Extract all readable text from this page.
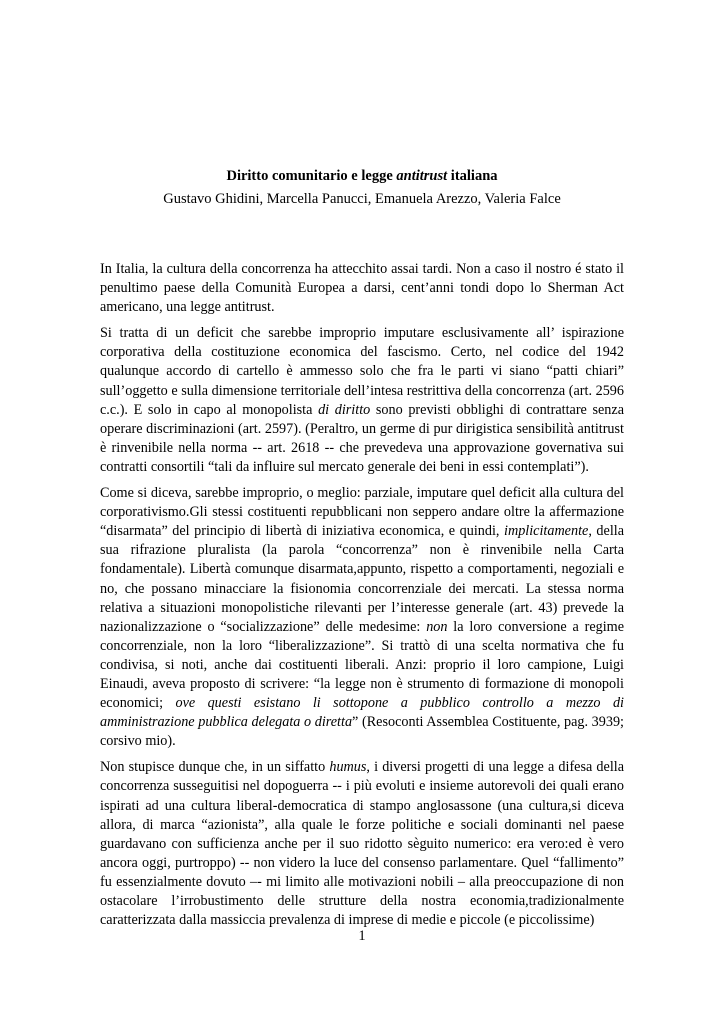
Diritto comunitario e legge antitrust italiana

Gustavo Ghidini, Marcella Panucci, Emanuela Arezzo, Valeria Falce

In Italia, la cultura della concorrenza ha attecchito assai tardi. Non a caso il nostro é stato il penultimo paese della Comunità Europea a darsi, cent’anni tondi dopo lo Sherman Act americano, una legge antitrust.

Si tratta di un deficit che sarebbe improprio imputare esclusivamente all’ ispirazione corporativa della costituzione economica del fascismo. Certo, nel codice del 1942 qualunque accordo di cartello è ammesso solo che fra le parti vi siano “patti chiari” sull’oggetto e sulla dimensione territoriale dell’intesa restrittiva della concorrenza (art. 2596 c.c.). E solo in capo al monopolista di diritto sono previsti obblighi di contrattare senza operare discriminazioni (art. 2597). (Peraltro, un germe di pur dirigistica sensibilità antitrust è rinvenibile nella norma -- art. 2618 -- che prevedeva una approvazione governativa sui contratti consortili “tali da influire sul mercato generale dei beni in essi contemplati”).

Come si diceva, sarebbe improprio, o meglio: parziale, imputare quel deficit alla cultura del corporativismo.Gli stessi costituenti repubblicani non seppero andare oltre la affermazione “disarmata” del principio di libertà di iniziativa economica, e quindi, implicitamente, della sua rifrazione pluralista (la parola “concorrenza” non è rinvenibile nella Carta fondamentale). Libertà comunque disarmata,appunto, rispetto a comportamenti, negoziali e no, che possano minacciare la fisionomia concorrenziale dei mercati. La stessa norma relativa a situazioni monopolistiche rilevanti per l’interesse generale (art. 43) prevede la nazionalizzazione o “socializzazione” delle medesime: non la loro conversione a regime concorrenziale, non la loro “liberalizzazione”. Si trattò di una scelta normativa che fu condivisa, si noti, anche dai costituenti liberali. Anzi: proprio il loro campione, Luigi Einaudi, aveva proposto di scrivere: “la legge non è strumento di formazione di monopoli economici; ove questi esistano li sottopone a pubblico controllo a mezzo di amministrazione pubblica delegata o diretta” (Resoconti Assemblea Costituente, pag. 3939; corsivo mio).

Non stupisce dunque che, in un siffatto humus, i diversi progetti di una legge a difesa della concorrenza susseguitisi nel dopoguerra -- i più evoluti e insieme autorevoli dei quali erano ispirati ad una cultura liberal-democratica di stampo anglosassone (una cultura,si diceva allora, di marca “azionista”, alla quale le forze politiche e sociali dominanti nel paese guardavano con sufficienza anche per il suo ridotto sèguito numerico: era vero:ed è vero ancora oggi, purtroppo) -- non videro la luce del consenso parlamentare. Quel “fallimento” fu essenzialmente dovuto –- mi limito alle motivazioni nobili – alla preoccupazione di non ostacolare l’irrobustimento delle strutture della nostra economia,tradizionalmente caratterizzata dalla massiccia prevalenza di imprese di medie e piccole (e piccolissime)

1
